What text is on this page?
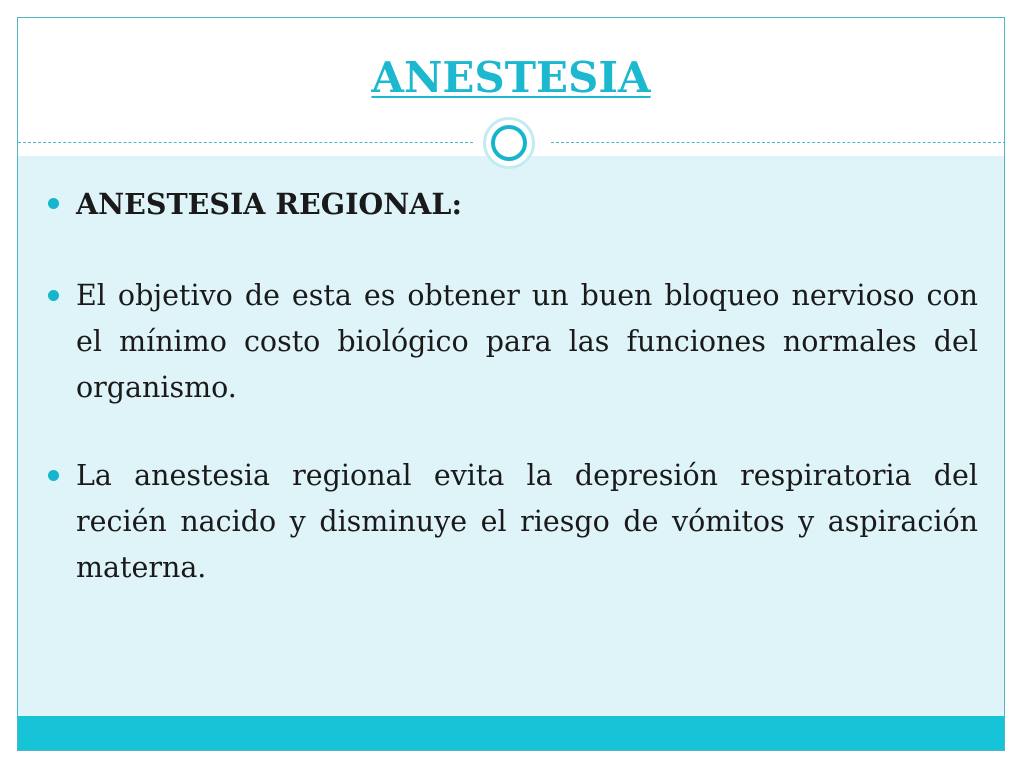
ANESTESIA
ANESTESIA REGIONAL:
El objetivo de esta es obtener un buen bloqueo nervioso con el mínimo costo biológico para las funciones normales del organismo.
La anestesia regional evita la depresión respiratoria del recién nacido y disminuye el riesgo de vómitos y aspiración materna.
